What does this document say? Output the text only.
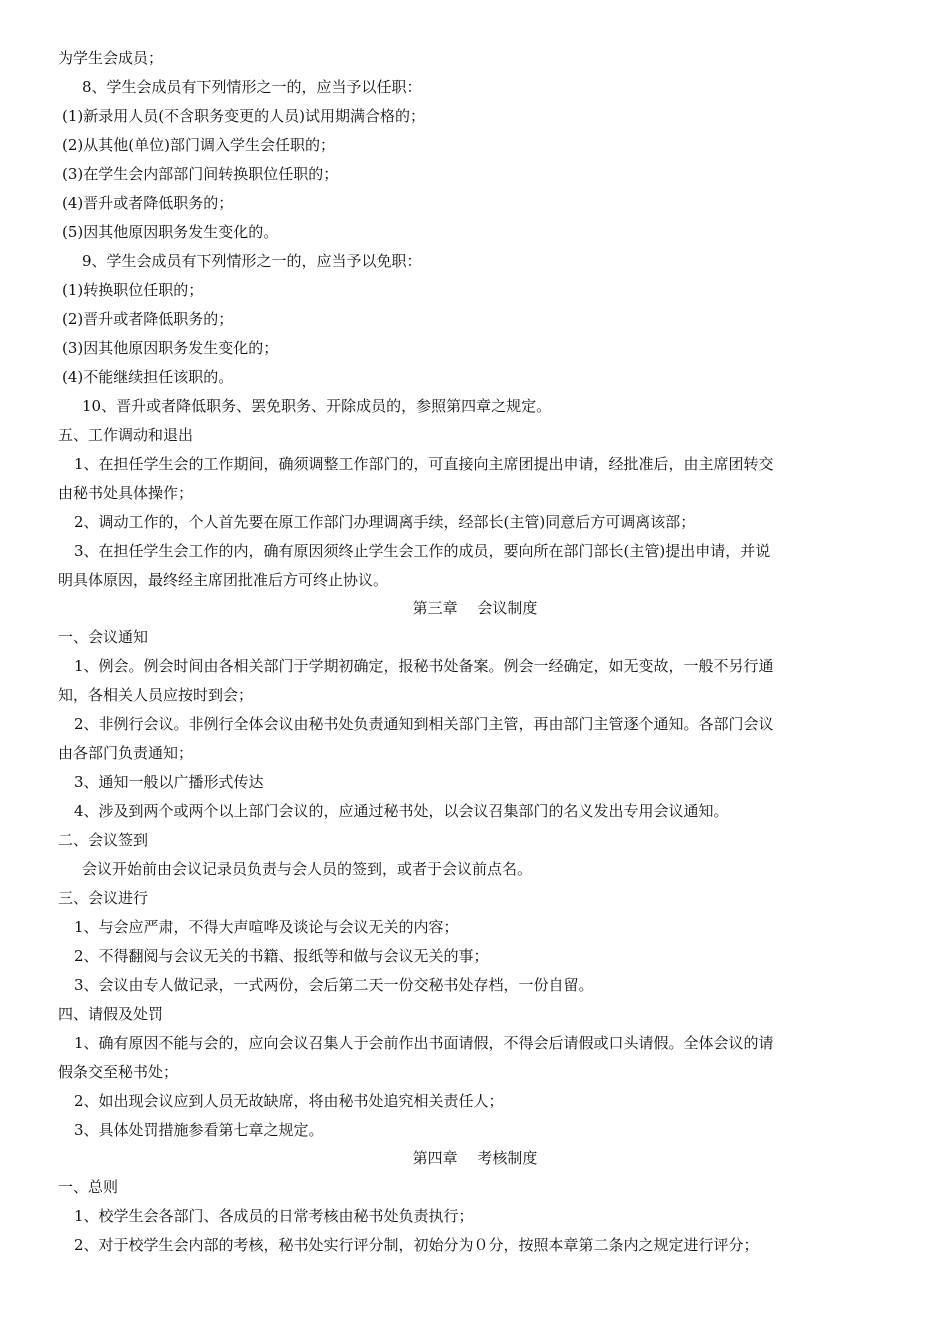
为学生会成员；
8、学生会成员有下列情形之一的，应当予以任职：
(1)新录用人员(不含职务变更的人员)试用期满合格的；
(2)从其他(单位)部门调入学生会任职的；
(3)在学生会内部部门间转换职位任职的；
(4)晋升或者降低职务的；
(5)因其他原因职务发生变化的。
9、学生会成员有下列情形之一的，应当予以免职：
(1)转换职位任职的；
(2)晋升或者降低职务的；
(3)因其他原因职务发生变化的；
(4)不能继续担任该职的。
10、晋升或者降低职务、罢免职务、开除成员的，参照第四章之规定。
五、工作调动和退出
1、在担任学生会的工作期间，确须调整工作部门的，可直接向主席团提出申请，经批准后，由主席团转交
由秘书处具体操作；
2、调动工作的，个人首先要在原工作部门办理调离手续，经部长(主管)同意后方可调离该部；
3、在担任学生会工作的内，确有原因须终止学生会工作的成员，要向所在部门部长(主管)提出申请，并说
明具体原因，最终经主席团批准后方可终止协议。
第三章　 会议制度
一、会议通知
1、例会。例会时间由各相关部门于学期初确定，报秘书处备案。例会一经确定，如无变故，一般不另行通
知，各相关人员应按时到会；
2、非例行会议。非例行全体会议由秘书处负责通知到相关部门主管，再由部门主管逐个通知。各部门会议
由各部门负责通知；
3、通知一般以广播形式传达
4、涉及到两个或两个以上部门会议的，应通过秘书处，以会议召集部门的名义发出专用会议通知。
二、会议签到
会议开始前由会议记录员负责与会人员的签到，或者于会议前点名。
三、会议进行
1、与会应严肃，不得大声喧哗及谈论与会议无关的内容；
2、不得翻阅与会议无关的书籍、报纸等和做与会议无关的事；
3、会议由专人做记录，一式两份，会后第二天一份交秘书处存档，一份自留。
四、请假及处罚
1、确有原因不能与会的，应向会议召集人于会前作出书面请假，不得会后请假或口头请假。全体会议的请
假条交至秘书处；
2、如出现会议应到人员无故缺席，将由秘书处追究相关责任人；
3、具体处罚措施参看第七章之规定。
第四章　 考核制度
一、总则
1、校学生会各部门、各成员的日常考核由秘书处负责执行；
2、对于校学生会内部的考核，秘书处实行评分制，初始分为０分，按照本章第二条内之规定进行评分；
